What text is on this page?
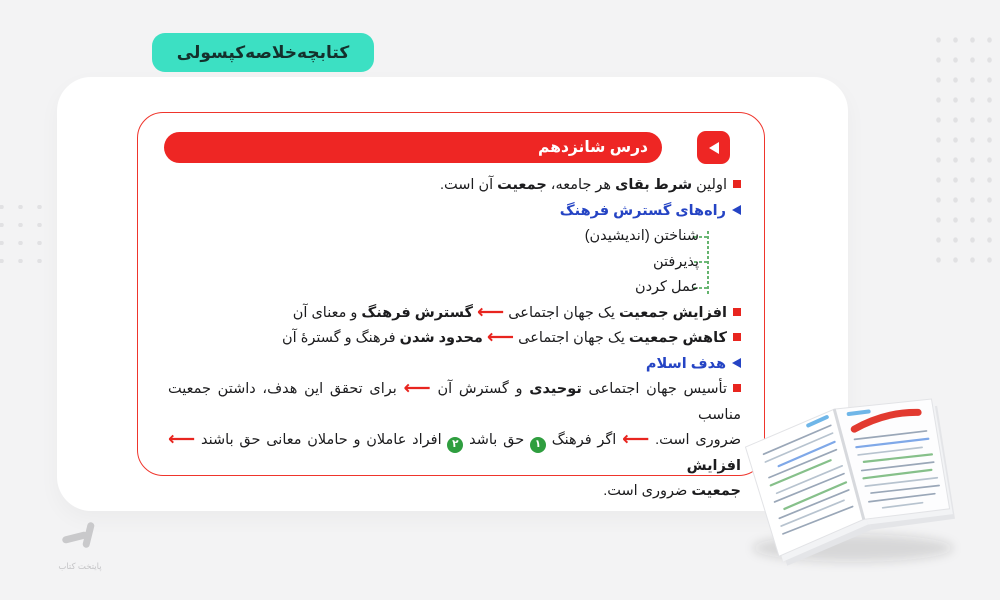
کتابچه‌خلاصه‌کپسولی
درس شانزدهم
اولین شرط بقای هر جامعه، جمعیت آن است.
راه‌های گسترش فرهنگ
شناختن (اندیشیدن)
پذیرفتن
عمل کردن
افزایش جمعیت یک جهان اجتماعی ⟵ گسترش فرهنگ و معنای آن
کاهش جمعیت یک جهان اجتماعی ⟵ محدود شدن فرهنگ و گسترهٔ آن
هدف اسلام
تأسیس جهان اجتماعی توحیدی و گسترش آن ⟵ برای تحقق این هدف، داشتن جمعیت مناسب
ضروری است. ⟵ اگر فرهنگ ۱ حق باشد ۲ افراد عاملان و حاملان معانی حق باشند ⟵ افزایش
جمعیت ضروری است.
پایتخت کتاب
